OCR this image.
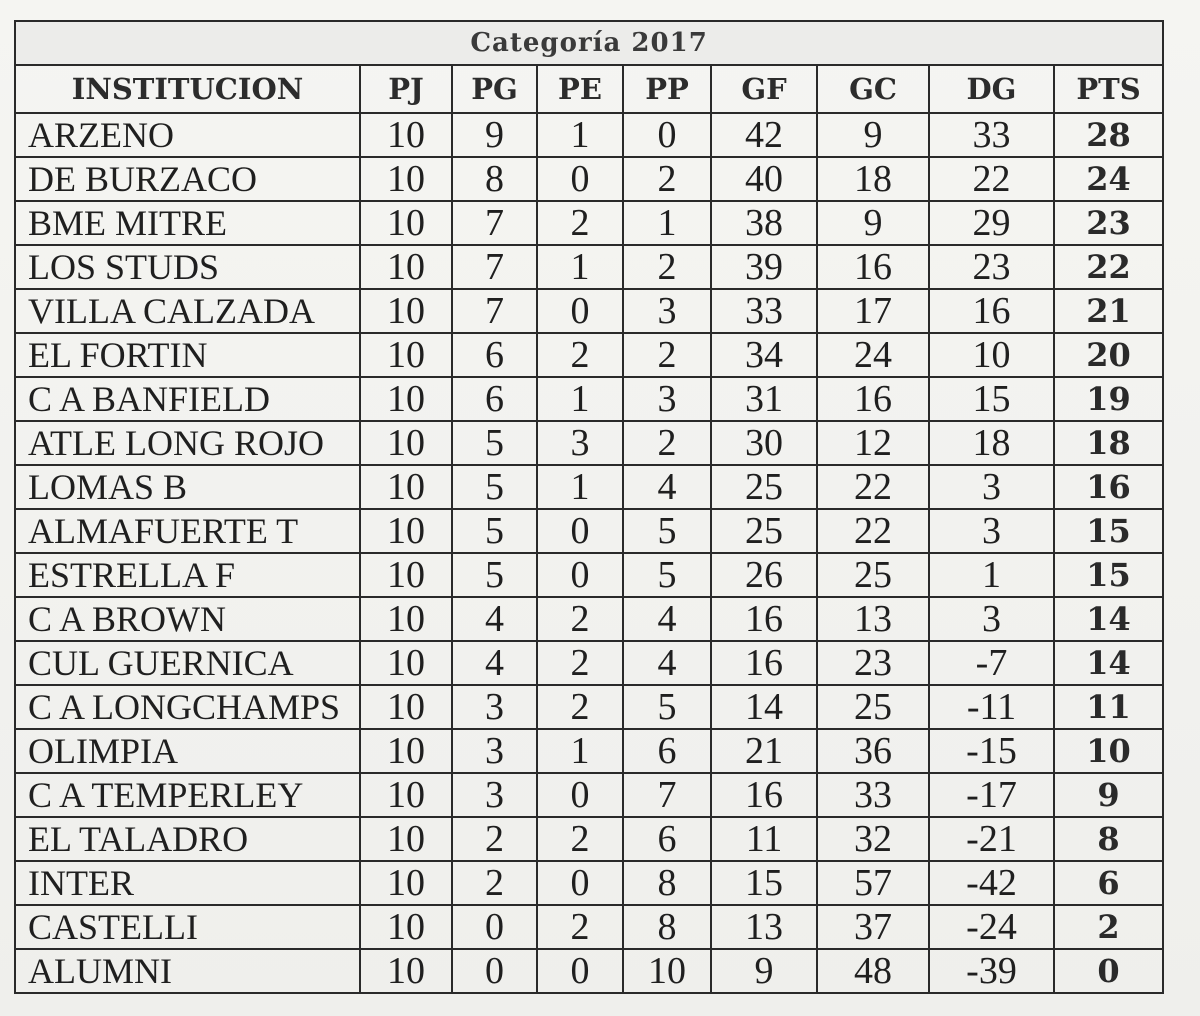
Categoría 2017								
INSTITUCION	PJ	PG	PE	PP	GF	GC	DG	PTS
ARZENO	10	9	1	0	42	9	33	28
DE BURZACO	10	8	0	2	40	18	22	24
BME MITRE	10	7	2	1	38	9	29	23
LOS STUDS	10	7	1	2	39	16	23	22
VILLA CALZADA	10	7	0	3	33	17	16	21
EL FORTIN	10	6	2	2	34	24	10	20
C A BANFIELD	10	6	1	3	31	16	15	19
ATLE LONG ROJO	10	5	3	2	30	12	18	18
LOMAS B	10	5	1	4	25	22	3	16
ALMAFUERTE T	10	5	0	5	25	22	3	15
ESTRELLA F	10	5	0	5	26	25	1	15
C A BROWN	10	4	2	4	16	13	3	14
CUL GUERNICA	10	4	2	4	16	23	-7	14
C A LONGCHAMPS	10	3	2	5	14	25	-11	11
OLIMPIA	10	3	1	6	21	36	-15	10
C A TEMPERLEY	10	3	0	7	16	33	-17	9
EL TALADRO	10	2	2	6	11	32	-21	8
INTER	10	2	0	8	15	57	-42	6
CASTELLI	10	0	2	8	13	37	-24	2
ALUMNI	10	0	0	10	9	48	-39	0
